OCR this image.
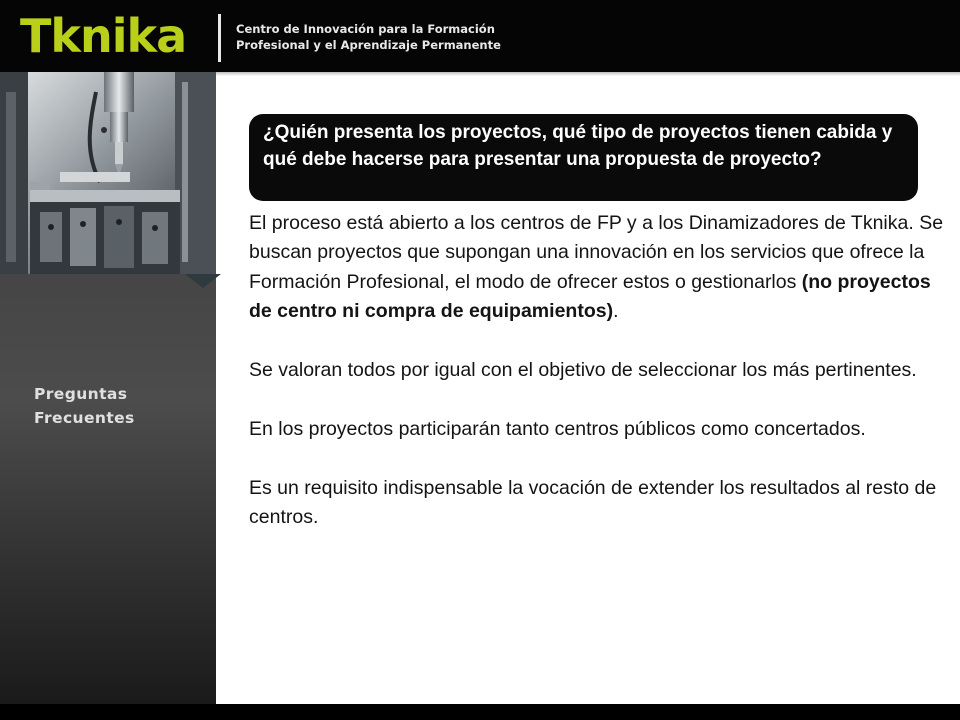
Tknika	Centro de Innovación para la Formación
Profesional y el Aprendizaje Permanente
Preguntas
Frecuentes
¿Quién presenta los proyectos, qué tipo de proyectos tienen cabida y qué debe hacerse para presentar una propuesta de proyecto?

El proceso está abierto a los centros de FP y a los Dinamizadores de Tknika. Se buscan proyectos que supongan una innovación en los servicios que ofrece la Formación Profesional, el modo de ofrecer estos o gestionarlos (no proyectos de centro ni compra de equipamientos).

Se valoran todos por igual con el objetivo de seleccionar los más pertinentes.

En los proyectos participarán tanto centros públicos como concertados.

Es un requisito indispensable la vocación de extender los resultados al resto de centros.
